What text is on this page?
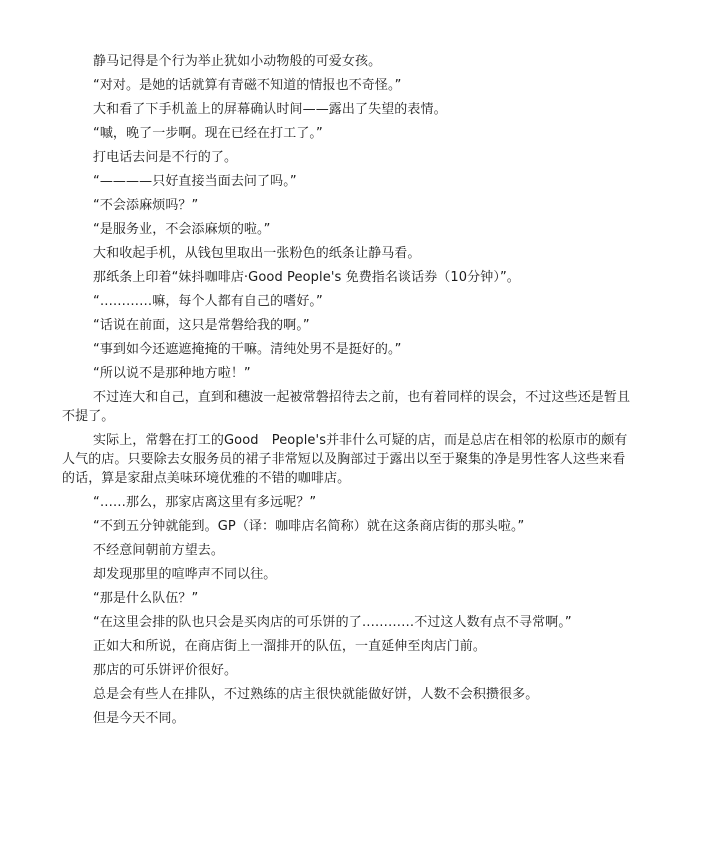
静马记得是个行为举止犹如小动物般的可爱女孩。

“对对。是她的话就算有青磁不知道的情报也不奇怪。”

大和看了下手机盖上的屏幕确认时间——露出了失望的表情。

“嘁，晚了一步啊。现在已经在打工了。”

打电话去问是不行的了。

“————只好直接当面去问了吗。”

“不会添麻烦吗？”

“是服务业，不会添麻烦的啦。”

大和收起手机，从钱包里取出一张粉色的纸条让静马看。

那纸条上印着“妹抖咖啡店·Good People's 免费指名谈话券（10分钟）”。

“…………嘛，每个人都有自己的嗜好。”

“话说在前面，这只是常磐给我的啊。”

“事到如今还遮遮掩掩的干嘛。清纯处男不是挺好的。”

“所以说不是那种地方啦！”

不过连大和自己，直到和穗波一起被常磐招待去之前，也有着同样的误会，不过这些还是暂且不提了。

实际上，常磐在打工的Good　People's并非什么可疑的店，而是总店在相邻的松原市的颇有人气的店。只要除去女服务员的裙子非常短以及胸部过于露出以至于聚集的净是男性客人这些来看的话，算是家甜点美味环境优雅的不错的咖啡店。

“……那么，那家店离这里有多远呢？”

“不到五分钟就能到。GP（译：咖啡店名简称）就在这条商店街的那头啦。”

不经意间朝前方望去。

却发现那里的喧哗声不同以往。

“那是什么队伍？”

“在这里会排的队也只会是买肉店的可乐饼的了…………不过这人数有点不寻常啊。”

正如大和所说，在商店街上一溜排开的队伍，一直延伸至肉店门前。

那店的可乐饼评价很好。

总是会有些人在排队，不过熟练的店主很快就能做好饼，人数不会积攒很多。

但是今天不同。
